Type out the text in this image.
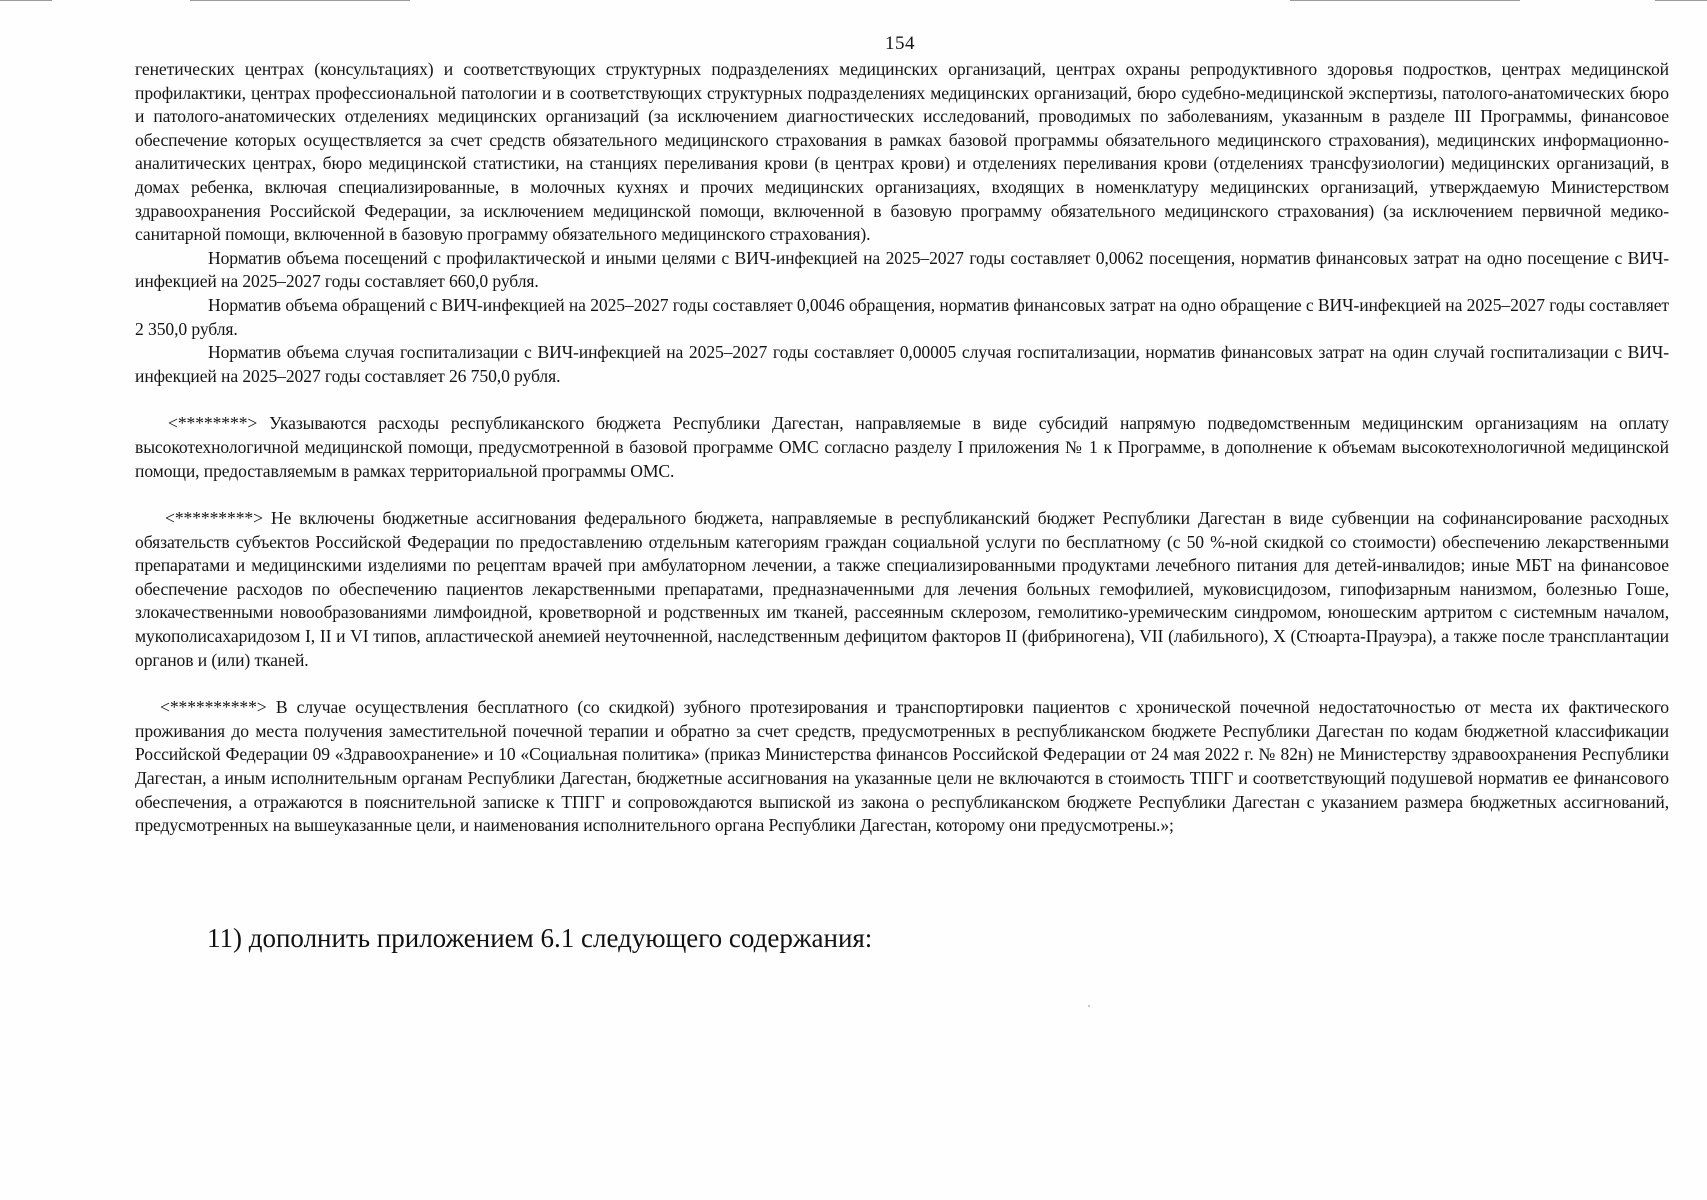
154

генетических центрах (консультациях) и соответствующих структурных подразделениях медицинских организаций, центрах охраны репродуктивного здоровья подростков, центрах медицинской профилактики, центрах профессиональной патологии и в соответствующих структурных подразделениях медицинских организаций, бюро судебно-медицинской экспертизы, патолого-анатомических бюро и патолого-анатомических отделениях медицинских организаций (за исключением диагностических исследований, проводимых по заболеваниям, указанным в разделе III Программы, финансовое обеспечение которых осуществляется за счет средств обязательного медицинского страхования в рамках базовой программы обязательного медицинского страхования), медицинских информационно-аналитических центрах, бюро медицинской статистики, на станциях переливания крови (в центрах крови) и отделениях переливания крови (отделениях трансфузиологии) медицинских организаций, в домах ребенка, включая специализированные, в молочных кухнях и прочих медицинских организациях, входящих в номенклатуру медицинских организаций, утверждаемую Министерством здравоохранения Российской Федерации, за исключением медицинской помощи, включенной в базовую программу обязательного медицинского страхования) (за исключением первичной медико-санитарной помощи, включенной в базовую программу обязательного медицинского страхования).

Норматив объема посещений с профилактической и иными целями с ВИЧ-инфекцией на 2025–2027 годы составляет 0,0062 посещения, норматив финансовых затрат на одно посещение с ВИЧ-инфекцией на 2025–2027 годы составляет 660,0 рубля.

Норматив объема обращений с ВИЧ-инфекцией на 2025–2027 годы составляет 0,0046 обращения, норматив финансовых затрат на одно обращение с ВИЧ-инфекцией на 2025–2027 годы составляет 2 350,0 рубля.

Норматив объема случая госпитализации с ВИЧ-инфекцией на 2025–2027 годы составляет 0,00005 случая госпитализации, норматив финансовых затрат на один случай госпитализации с ВИЧ-инфекцией на 2025–2027 годы составляет 26 750,0 рубля.

<********> Указываются расходы республиканского бюджета Республики Дагестан, направляемые в виде субсидий напрямую подведомственным медицинским организациям на оплату высокотехнологичной медицинской помощи, предусмотренной в базовой программе ОМС согласно разделу I приложения № 1 к Программе, в дополнение к объемам высокотехнологичной медицинской помощи, предоставляемым в рамках территориальной программы ОМС.

<*********> Не включены бюджетные ассигнования федерального бюджета, направляемые в республиканский бюджет Республики Дагестан в виде субвенции на софинансирование расходных обязательств субъектов Российской Федерации по предоставлению отдельным категориям граждан социальной услуги по бесплатному (с 50 %-ной скидкой со стоимости) обеспечению лекарственными препаратами и медицинскими изделиями по рецептам врачей при амбулаторном лечении, а также специализированными продуктами лечебного питания для детей-инвалидов; иные МБТ на финансовое обеспечение расходов по обеспечению пациентов лекарственными препаратами, предназначенными для лечения больных гемофилией, муковисцидозом, гипофизарным нанизмом, болезнью Гоше, злокачественными новообразованиями лимфоидной, кроветворной и родственных им тканей, рассеянным склерозом, гемолитико-уремическим синдромом, юношеским артритом с системным началом, мукополисахаридозом I, II и VI типов, апластической анемией неуточненной, наследственным дефицитом факторов II (фибриногена), VII (лабильного), X (Стюарта-Прауэра), а также после трансплантации органов и (или) тканей.

<**********> В случае осуществления бесплатного (со скидкой) зубного протезирования и транспортировки пациентов с хронической почечной недостаточностью от места их фактического проживания до места получения заместительной почечной терапии и обратно за счет средств, предусмотренных в республиканском бюджете Республики Дагестан по кодам бюджетной классификации Российской Федерации 09 «Здравоохранение» и 10 «Социальная политика» (приказ Министерства финансов Российской Федерации от 24 мая 2022 г. № 82н) не Министерству здравоохранения Республики Дагестан, а иным исполнительным органам Республики Дагестан, бюджетные ассигнования на указанные цели не включаются в стоимость ТПГГ и соответствующий подушевой норматив ее финансового обеспечения, а отражаются в пояснительной записке к ТПГГ и сопровождаются выпиской из закона о республиканском бюджете Республики Дагестан с указанием размера бюджетных ассигнований, предусмотренных на вышеуказанные цели, и наименования исполнительного органа Республики Дагестан, которому они предусмотрены.»;

11) дополнить приложением 6.1 следующего содержания:
